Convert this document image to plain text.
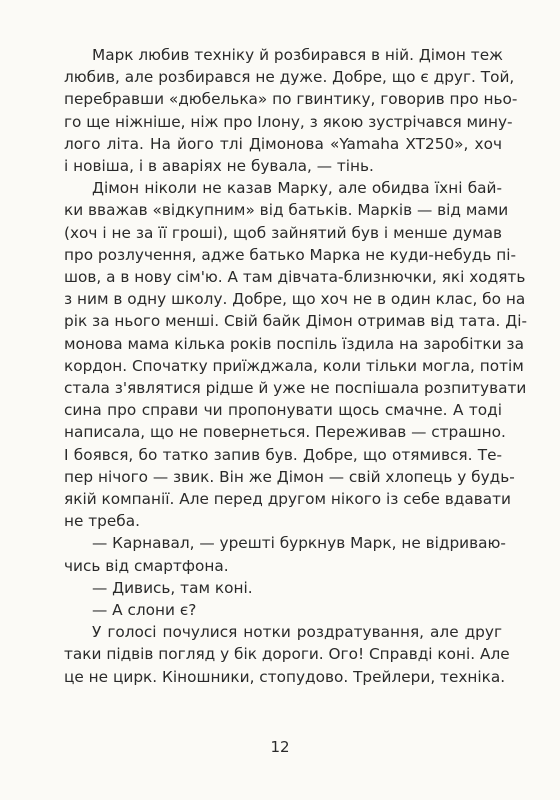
Марк любив техніку й розбирався в ній. Дімон теж
любив, але розбирався не дуже. Добре, що є друг. Той,
перебравши «дюбелька» по гвинтику, говорив про ньо-
го ще ніжніше, ніж про Ілону, з якою зустрічався мину-
лого літа. На його тлі Дімонова «Yamaha XT250», хоч
і новіша, і в аваріях не бувала, — тінь.
Дімон ніколи не казав Марку, але обидва їхні бай-
ки вважав «відкупним» від батьків. Марків — від мами
(хоч і не за її гроші), щоб зайнятий був і менше думав
про розлучення, адже батько Марка не куди-небудь пі-
шов, а в нову сім'ю. А там дівчата-близнючки, які ходять
з ним в одну школу. Добре, що хоч не в один клас, бо на
рік за нього менші. Свій байк Дімон отримав від тата. Ді-
монова мама кілька років поспіль їздила на заробітки за
кордон. Спочатку приїжджала, коли тільки могла, потім
стала з'являтися рідше й уже не поспішала розпитувати
сина про справи чи пропонувати щось смачне. А тоді
написала, що не повернеться. Переживав — страшно.
І боявся, бо татко запив був. Добре, що отямився. Те-
пер нічого — звик. Він же Дімон — свій хлопець у будь-
якій компанії. Але перед другом нікого із себе вдавати
не треба.
— Карнавал, — урешті буркнув Марк, не відриваю-
чись від смартфона.
— Дивись, там коні.
— А слони є?
У голосі почулися нотки роздратування, але друг
таки підвів погляд у бік дороги. Ого! Справді коні. Але
це не цирк. Кіношники, стопудово. Трейлери, техніка.
12
